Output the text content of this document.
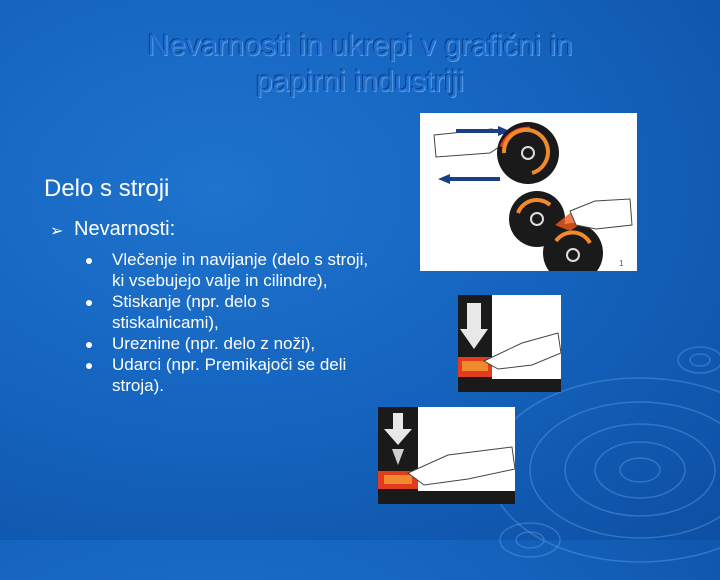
Nevarnosti in ukrepi v grafični in
papirni industriji
Delo s stroji
➢ Nevarnosti:
Vlečenje in navijanje (delo s stroji, ki vsebujejo valje in cilindre),
Stiskanje (npr. delo s stiskalnicami),
Ureznine (npr. delo z noži),
Udarci (npr. Premikajoči se deli stroja).
1
